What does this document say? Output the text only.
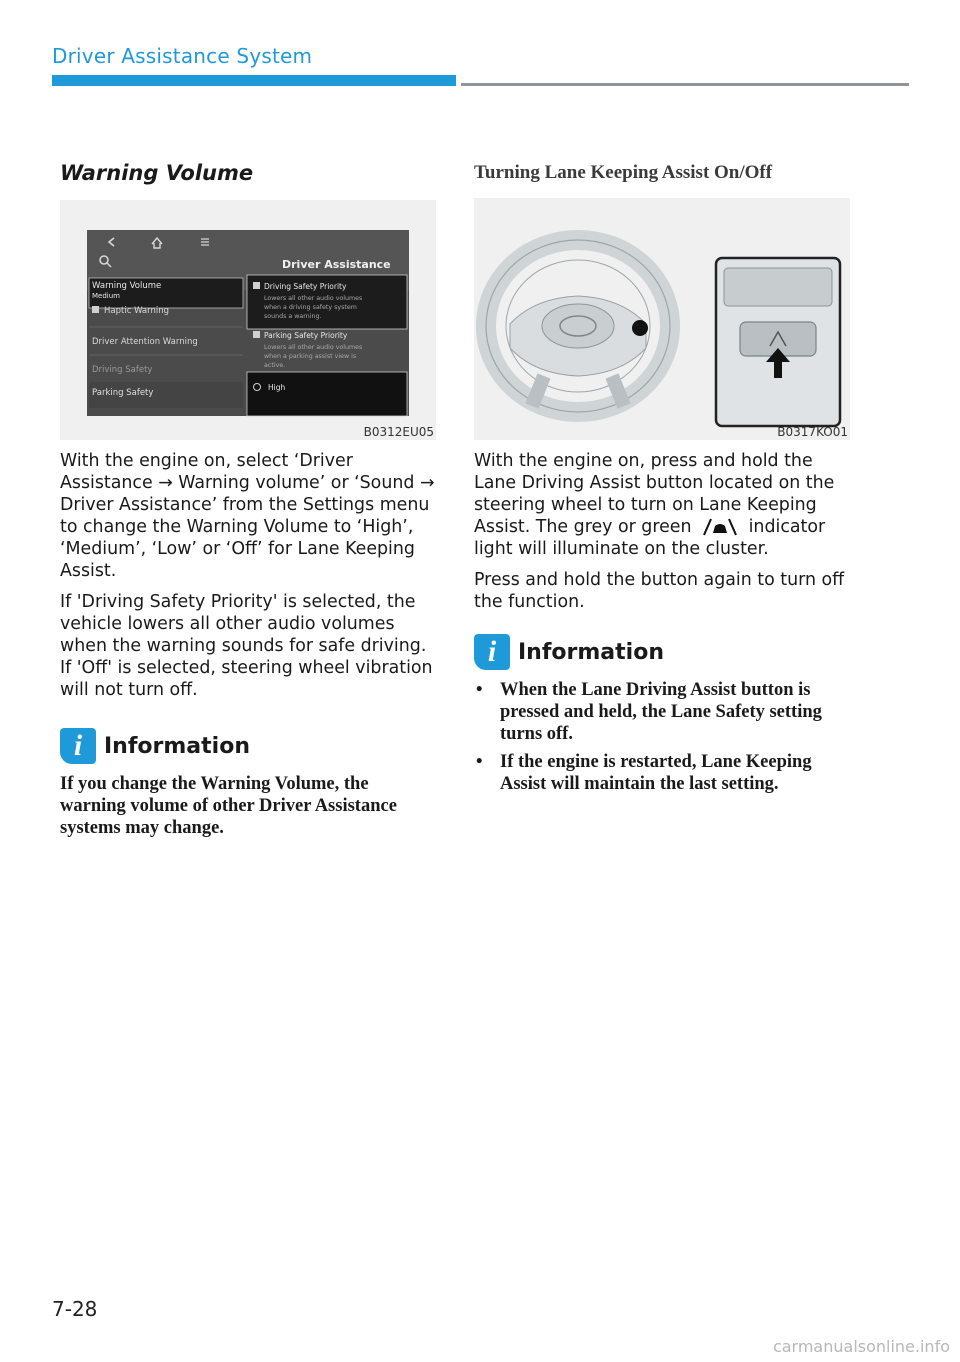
Driver Assistance System
Warning Volume
Driver Assistance
Warning Volume
Medium
Haptic Warning
Driver Attention Warning
Driving Safety
Parking Safety
Driving Safety Priority
Lowers all other audio volumes
when a driving safety system
sounds a warning.
Parking Safety Priority
Lowers all other audio volumes
when a parking assist view is
active.
High
B0312EU05

With the engine on, select ‘Driver Assistance → Warning volume’ or ‘Sound → Driver Assistance’ from the Settings menu to change the Warning Volume to ‘High’, ‘Medium’, ‘Low’ or ‘Off’ for Lane Keeping Assist.

If 'Driving Safety Priority' is selected, the vehicle lowers all other audio volumes when the warning sounds for safe driving. If 'Off' is selected, steering wheel vibration will not turn off.

i Information
If you change the Warning Volume, the warning volume of other Driver Assistance systems may change.
Turning Lane Keeping Assist On/Off
B0317KO01

With the engine on, press and hold the Lane Driving Assist button located on the steering wheel to turn on Lane Keeping Assist. The grey or green	indicator light will illuminate on the cluster.

Press and hold the button again to turn off the function.

i Information
• When the Lane Driving Assist button is pressed and held, the Lane Safety setting turns off.
• If the engine is restarted, Lane Keeping Assist will maintain the last setting.
7-28
carmanualsonline.info
